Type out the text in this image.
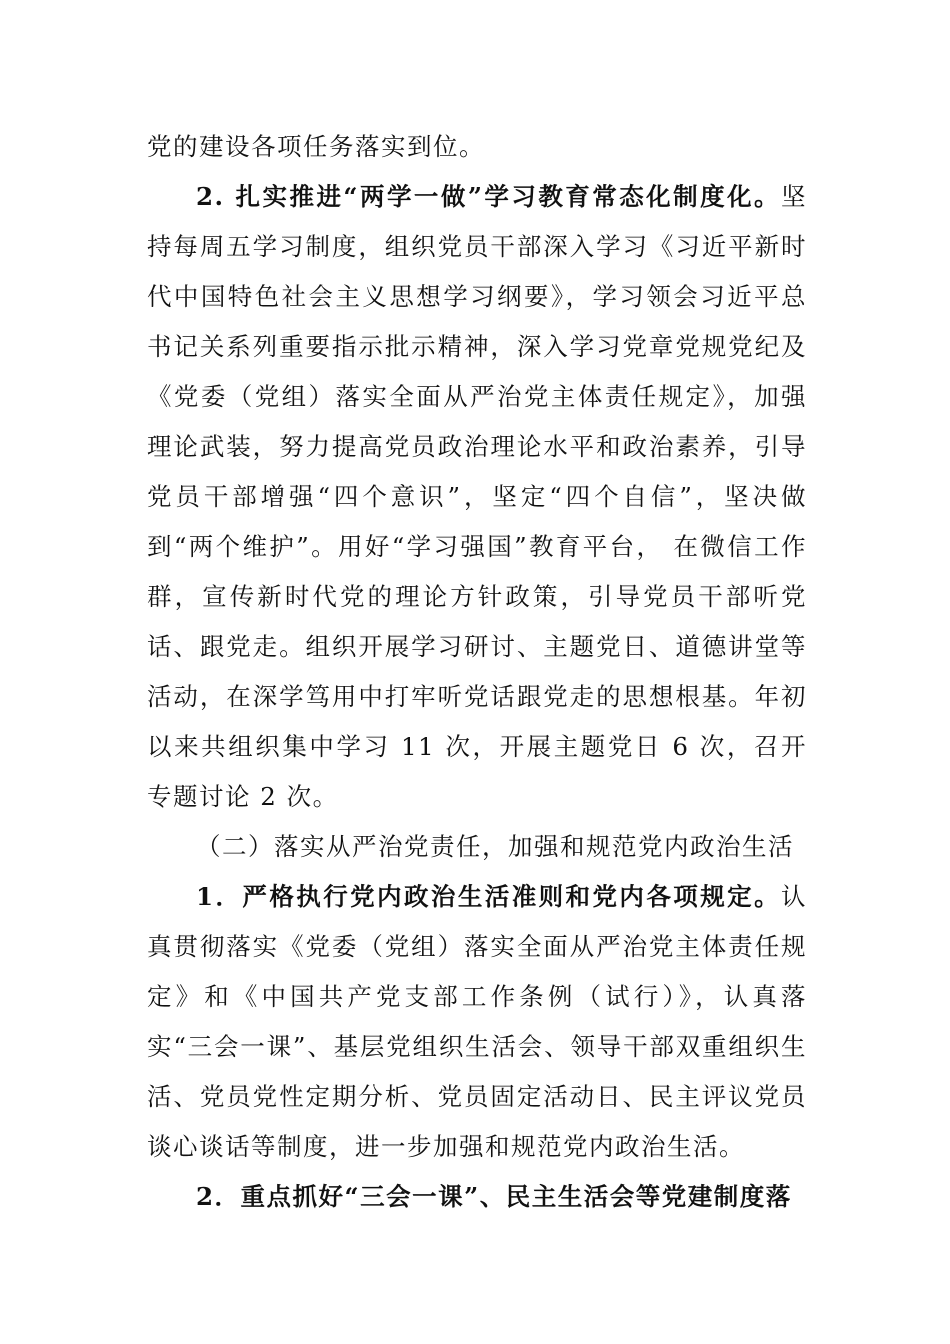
党的建设各项任务落实到位。

2. 扎实推进“两学一做”学习教育常态化制度化。坚持每周五学习制度，组织党员干部深入学习《习近平新时代中国特色社会主义思想学习纲要》，学习领会习近平总书记关系列重要指示批示精神，深入学习党章党规党纪及《党委（党组）落实全面从严治党主体责任规定》，加强理论武装，努力提高党员政治理论水平和政治素养，引导党员干部增强“四个意识”，坚定“四个自信”，坚决做到“两个维护”。用好“学习强国”教育平台， 在微信工作群，宣传新时代党的理论方针政策，引导党员干部听党话、跟党走。组织开展学习研讨、主题党日、道德讲堂等活动，在深学笃用中打牢听党话跟党走的思想根基。年初以来共组织集中学习 11 次，开展主题党日 6 次，召开专题讨论 2 次。

（二）落实从严治党责任，加强和规范党内政治生活

1．严格执行党内政治生活准则和党内各项规定。认真贯彻落实《党委（党组）落实全面从严治党主体责任规定》和《中国共产党支部工作条例（试行）》，认真落实“三会一课”、基层党组织生活会、领导干部双重组织生活、党员党性定期分析、党员固定活动日、民主评议党员谈心谈话等制度，进一步加强和规范党内政治生活。

2．重点抓好“三会一课”、民主生活会等党建制度落
